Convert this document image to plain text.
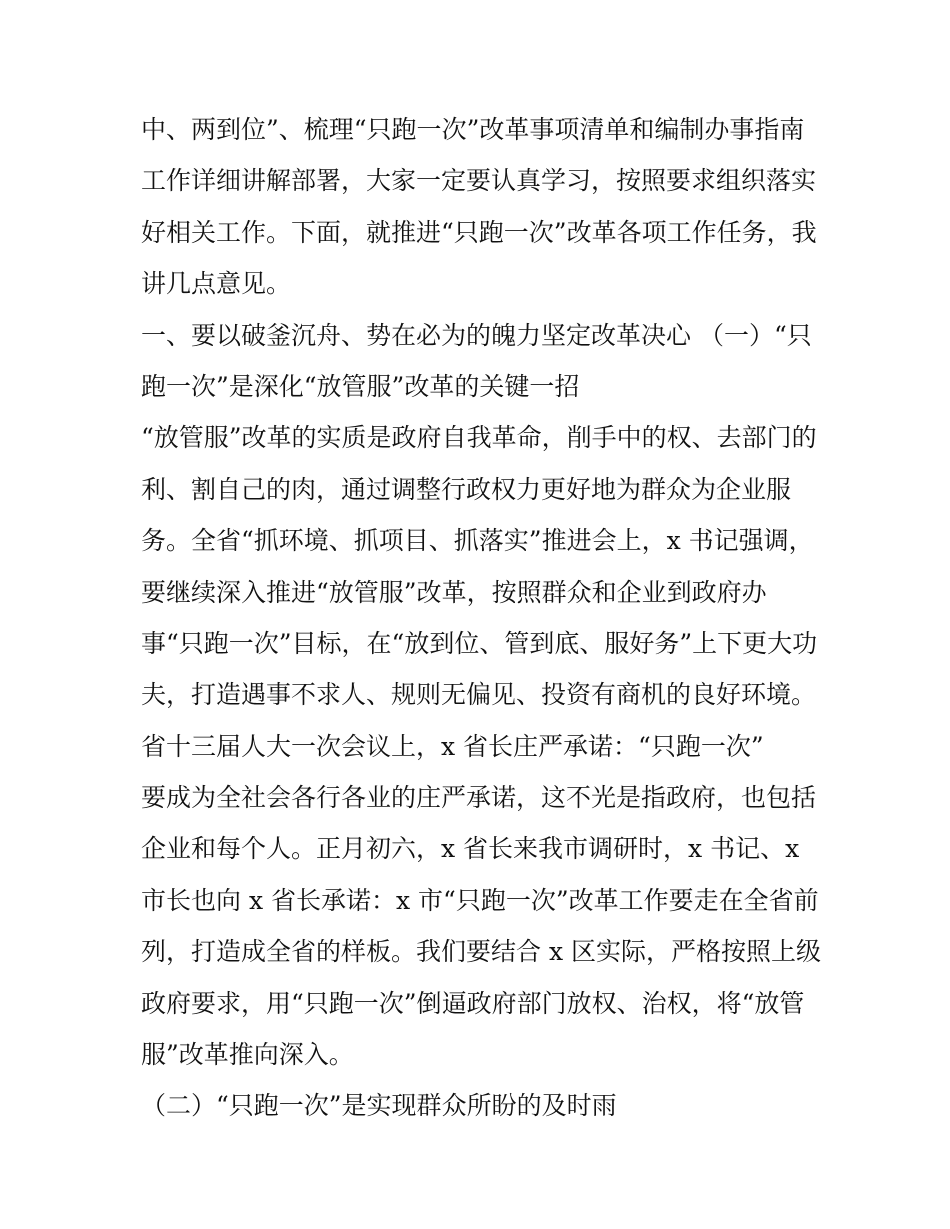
中、两到位”、梳理“只跑一次”改革事项清单和编制办事指南
工作详细讲解部署，大家一定要认真学习，按照要求组织落实
好相关工作。下面，就推进“只跑一次”改革各项工作任务，我
讲几点意见。
一、要以破釜沉舟、势在必为的魄力坚定改革决心 （一）“只
跑一次”是深化“放管服”改革的关键一招
“放管服”改革的实质是政府自我革命，削手中的权、去部门的
利、割自己的肉，通过调整行政权力更好地为群众为企业服
务。全省“抓环境、抓项目、抓落实”推进会上，x 书记强调，
要继续深入推进“放管服”改革，按照群众和企业到政府办
事“只跑一次”目标，在“放到位、管到底、服好务”上下更大功
夫，打造遇事不求人、规则无偏见、投资有商机的良好环境。
省十三届人大一次会议上，x 省长庄严承诺：“只跑一次”
要成为全社会各行各业的庄严承诺，这不光是指政府，也包括
企业和每个人。正月初六，x 省长来我市调研时，x 书记、x
市长也向 x 省长承诺：x 市“只跑一次”改革工作要走在全省前
列，打造成全省的样板。我们要结合 x 区实际，严格按照上级
政府要求，用“只跑一次”倒逼政府部门放权、治权，将“放管
服”改革推向深入。
（二）“只跑一次”是实现群众所盼的及时雨
